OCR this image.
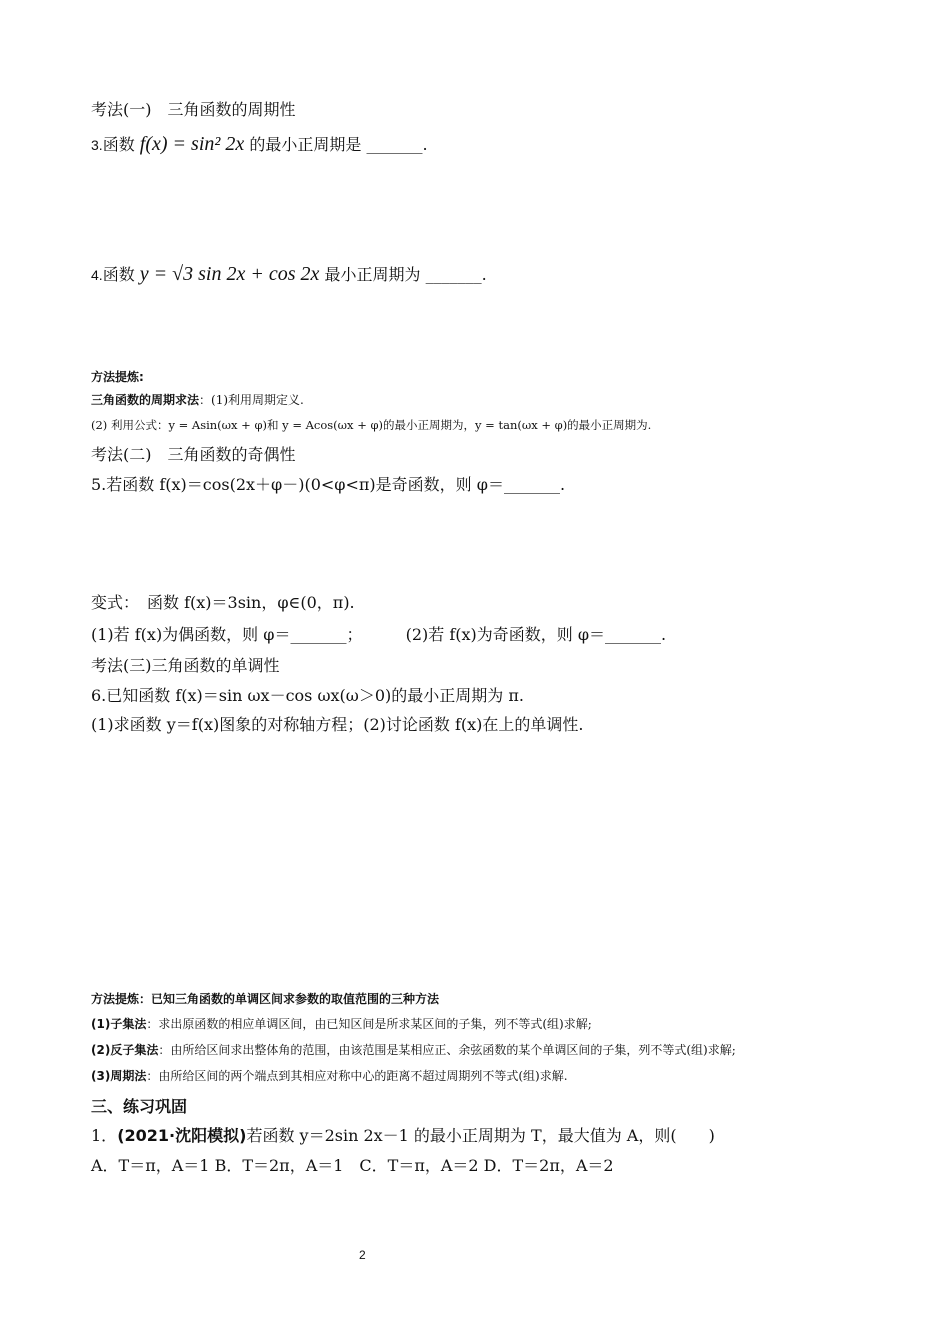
考法(一)　三角函数的周期性
3.函数 f(x) = sin² 2x 的最小正周期是 _______.
4.函数 y = √3 sin 2x + cos 2x 最小正周期为 _______.
方法提炼:
三角函数的周期求法：(1)利用周期定义.
(2) 利用公式：y = Asin(ωx + φ)和 y = Acos(ωx + φ)的最小正周期为，y = tan(ωx + φ)的最小正周期为.
考法(二)　三角函数的奇偶性
5.若函数 f(x)＝cos(2x＋φ－)(0<φ<π)是奇函数，则 φ＝_______.
变式：　函数 f(x)＝3sin，φ∈(0，π).
(1)若 f(x)为偶函数，则 φ＝_______；	(2)若 f(x)为奇函数，则 φ＝_______.
考法(三)三角函数的单调性
6.已知函数 f(x)＝sin ωx－cos ωx(ω＞0)的最小正周期为 π.
(1)求函数 y＝f(x)图象的对称轴方程；(2)讨论函数 f(x)在上的单调性.
方法提炼：已知三角函数的单调区间求参数的取值范围的三种方法
(1)子集法：求出原函数的相应单调区间，由已知区间是所求某区间的子集，列不等式(组)求解;
(2)反子集法：由所给区间求出整体角的范围，由该范围是某相应正、余弦函数的某个单调区间的子集，列不等式(组)求解;
(3)周期法：由所给区间的两个端点到其相应对称中心的距离不超过周期列不等式(组)求解.
三、练习巩固
1．(2021·沈阳模拟)若函数 y＝2sin 2x－1 的最小正周期为 T，最大值为 A，则(　　)
A．T＝π，A＝1 B．T＝2π，A＝1　C．T＝π，A＝2 D．T＝2π，A＝2
2
